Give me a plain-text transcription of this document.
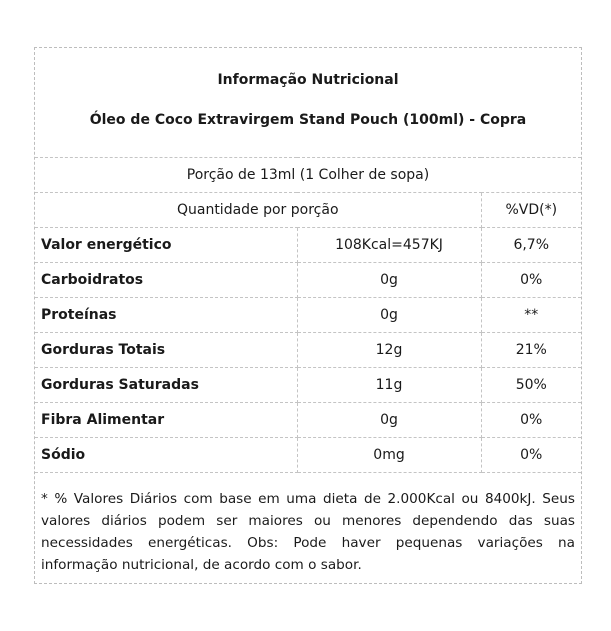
Informação Nutricional
Óleo de Coco Extravirgem Stand Pouch (100ml) - Copra
Porção de 13ml (1 Colher de sopa)		
Quantidade por porção		%VD(*)
Valor energético	108Kcal=457KJ	6,7%
Carboidratos	0g	0%
Proteínas	0g	**
Gorduras Totais	12g	21%
Gorduras Saturadas	11g	50%
Fibra Alimentar	0g	0%
Sódio	0mg	0%
* % Valores Diários com base em uma dieta de 2.000Kcal ou 8400kJ. Seus valores diários podem ser maiores ou menores dependendo das suas necessidades energéticas. Obs: Pode haver pequenas variações na informação nutricional, de acordo com o sabor.
